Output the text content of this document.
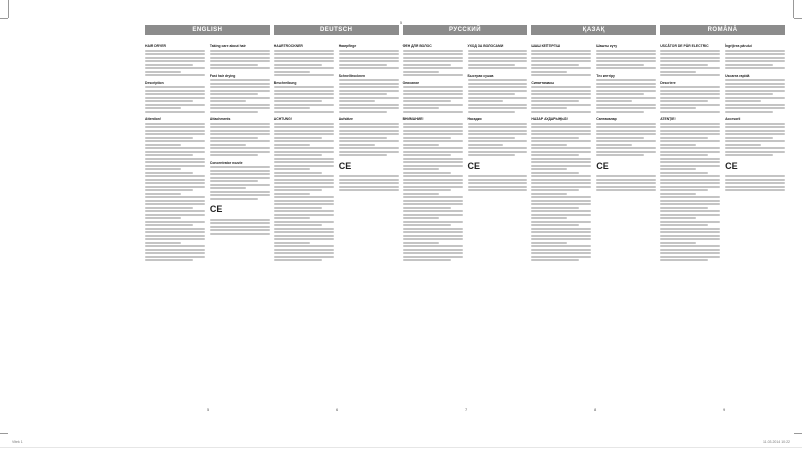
5
ENGLISH
HAIR DRYER
Description
Attention!
Taking care about hair
Fast hair drying
Attachments
Concentrator nozzle
CE
DEUTSCH
HAARTROCKNER
Beschreibung
ACHTUNG!
Haarpflege
Schnelltrocknen
Aufsätze
CE
РУССКИЙ
ФЕН ДЛЯ ВОЛОС
Описание
ВНИМАНИЕ!
УХОД ЗА ВОЛОСАМИ
Быстрая сушка
Насадки
CE
ҚАЗАҚ
ШАШ КЕПТІРГІШ
Сипаттамасы
НАЗАР АУДАРЫҢЫЗ!
Шашты күту
Тез кептіру
Саптамалар
CE
ROMÂNĂ
USCĂTOR DE PĂR ELECTRIC
Descriere
ATENŢIE!
Îngrijirea părului
Uscarea rapidă
Accesorii
CE
Vitek 1	11.03.2014 10:22
5	6	7	8	9
